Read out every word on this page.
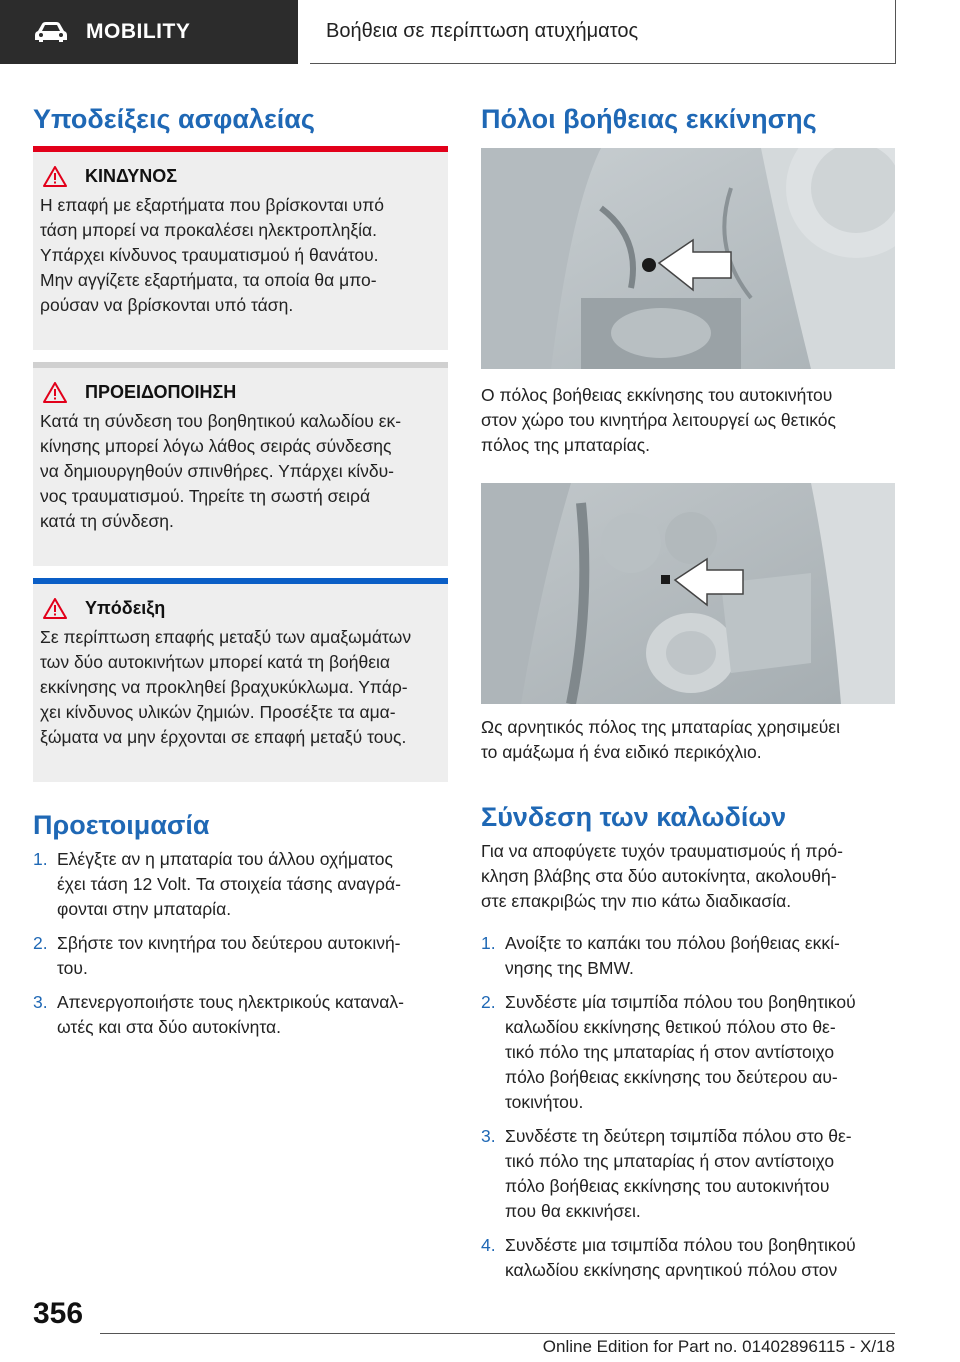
MOBILITY	Βοήθεια σε περίπτωση ατυχήματος
Υποδείξεις ασφαλείας
ΚΙΝΔΥΝΟΣ

Η επαφή με εξαρτήματα που βρίσκονται υπό

τάση μπορεί να προκαλέσει ηλεκτροπληξία.

Υπάρχει κίνδυνος τραυματισμού ή θανάτου.

Μην αγγίζετε εξαρτήματα, τα οποία θα μπο-

ρούσαν να βρίσκονται υπό τάση.

ΠΡΟΕΙΔΟΠΟΙΗΣΗ

Κατά τη σύνδεση του βοηθητικού καλωδίου εκ-

κίνησης μπορεί λόγω λάθος σειράς σύνδεσης

να δημιουργηθούν σπινθήρες. Υπάρχει κίνδυ-

νος τραυματισμού. Τηρείτε τη σωστή σειρά

κατά τη σύνδεση.

Υπόδειξη

Σε περίπτωση επαφής μεταξύ των αμαξωμάτων

των δύο αυτοκινήτων μπορεί κατά τη βοήθεια

εκκίνησης να προκληθεί βραχυκύκλωμα. Υπάρ-

χει κίνδυνος υλικών ζημιών. Προσέξτε τα αμα-

ξώματα να μην έρχονται σε επαφή μεταξύ τους.

Προετοιμασία
1. Ελέγξτε αν η μπαταρία του άλλου οχήματος

έχει τάση 12 Volt. Τα στοιχεία τάσης αναγρά-

φονται στην μπαταρία.

2. Σβήστε τον κινητήρα του δεύτερου αυτοκινή-

του.

3. Απενεργοποιήστε τους ηλεκτρικούς καταναλ-

ωτές και στα δύο αυτοκίνητα.

Πόλοι βοήθειας εκκίνησης

Ο πόλος βοήθειας εκκίνησης του αυτοκινήτου

στον χώρο του κινητήρα λειτουργεί ως θετικός

πόλος της μπαταρίας.

Ως αρνητικός πόλος της μπαταρίας χρησιμεύει

το αμάξωμα ή ένα ειδικό περικόχλιο.

Σύνδεση των καλωδίων

Για να αποφύγετε τυχόν τραυματισμούς ή πρό-

κληση βλάβης στα δύο αυτοκίνητα, ακολουθή-

στε επακριβώς την πιο κάτω διαδικασία.

1. Ανοίξτε το καπάκι του πόλου βοήθειας εκκί-

νησης της BMW.

2. Συνδέστε μία τσιμπίδα πόλου του βοηθητικού

καλωδίου εκκίνησης θετικού πόλου στο θε-

τικό πόλο της μπαταρίας ή στον αντίστοιχο

πόλο βοήθειας εκκίνησης του δεύτερου αυ-

τοκινήτου.

3. Συνδέστε τη δεύτερη τσιμπίδα πόλου στο θε-

τικό πόλο της μπαταρίας ή στον αντίστοιχο

πόλο βοήθειας εκκίνησης του αυτοκινήτου

που θα εκκινήσει.

4. Συνδέστε μια τσιμπίδα πόλου του βοηθητικού

καλωδίου εκκίνησης αρνητικού πόλου στον

356
Online Edition for Part no. 01402896115 - X/18
